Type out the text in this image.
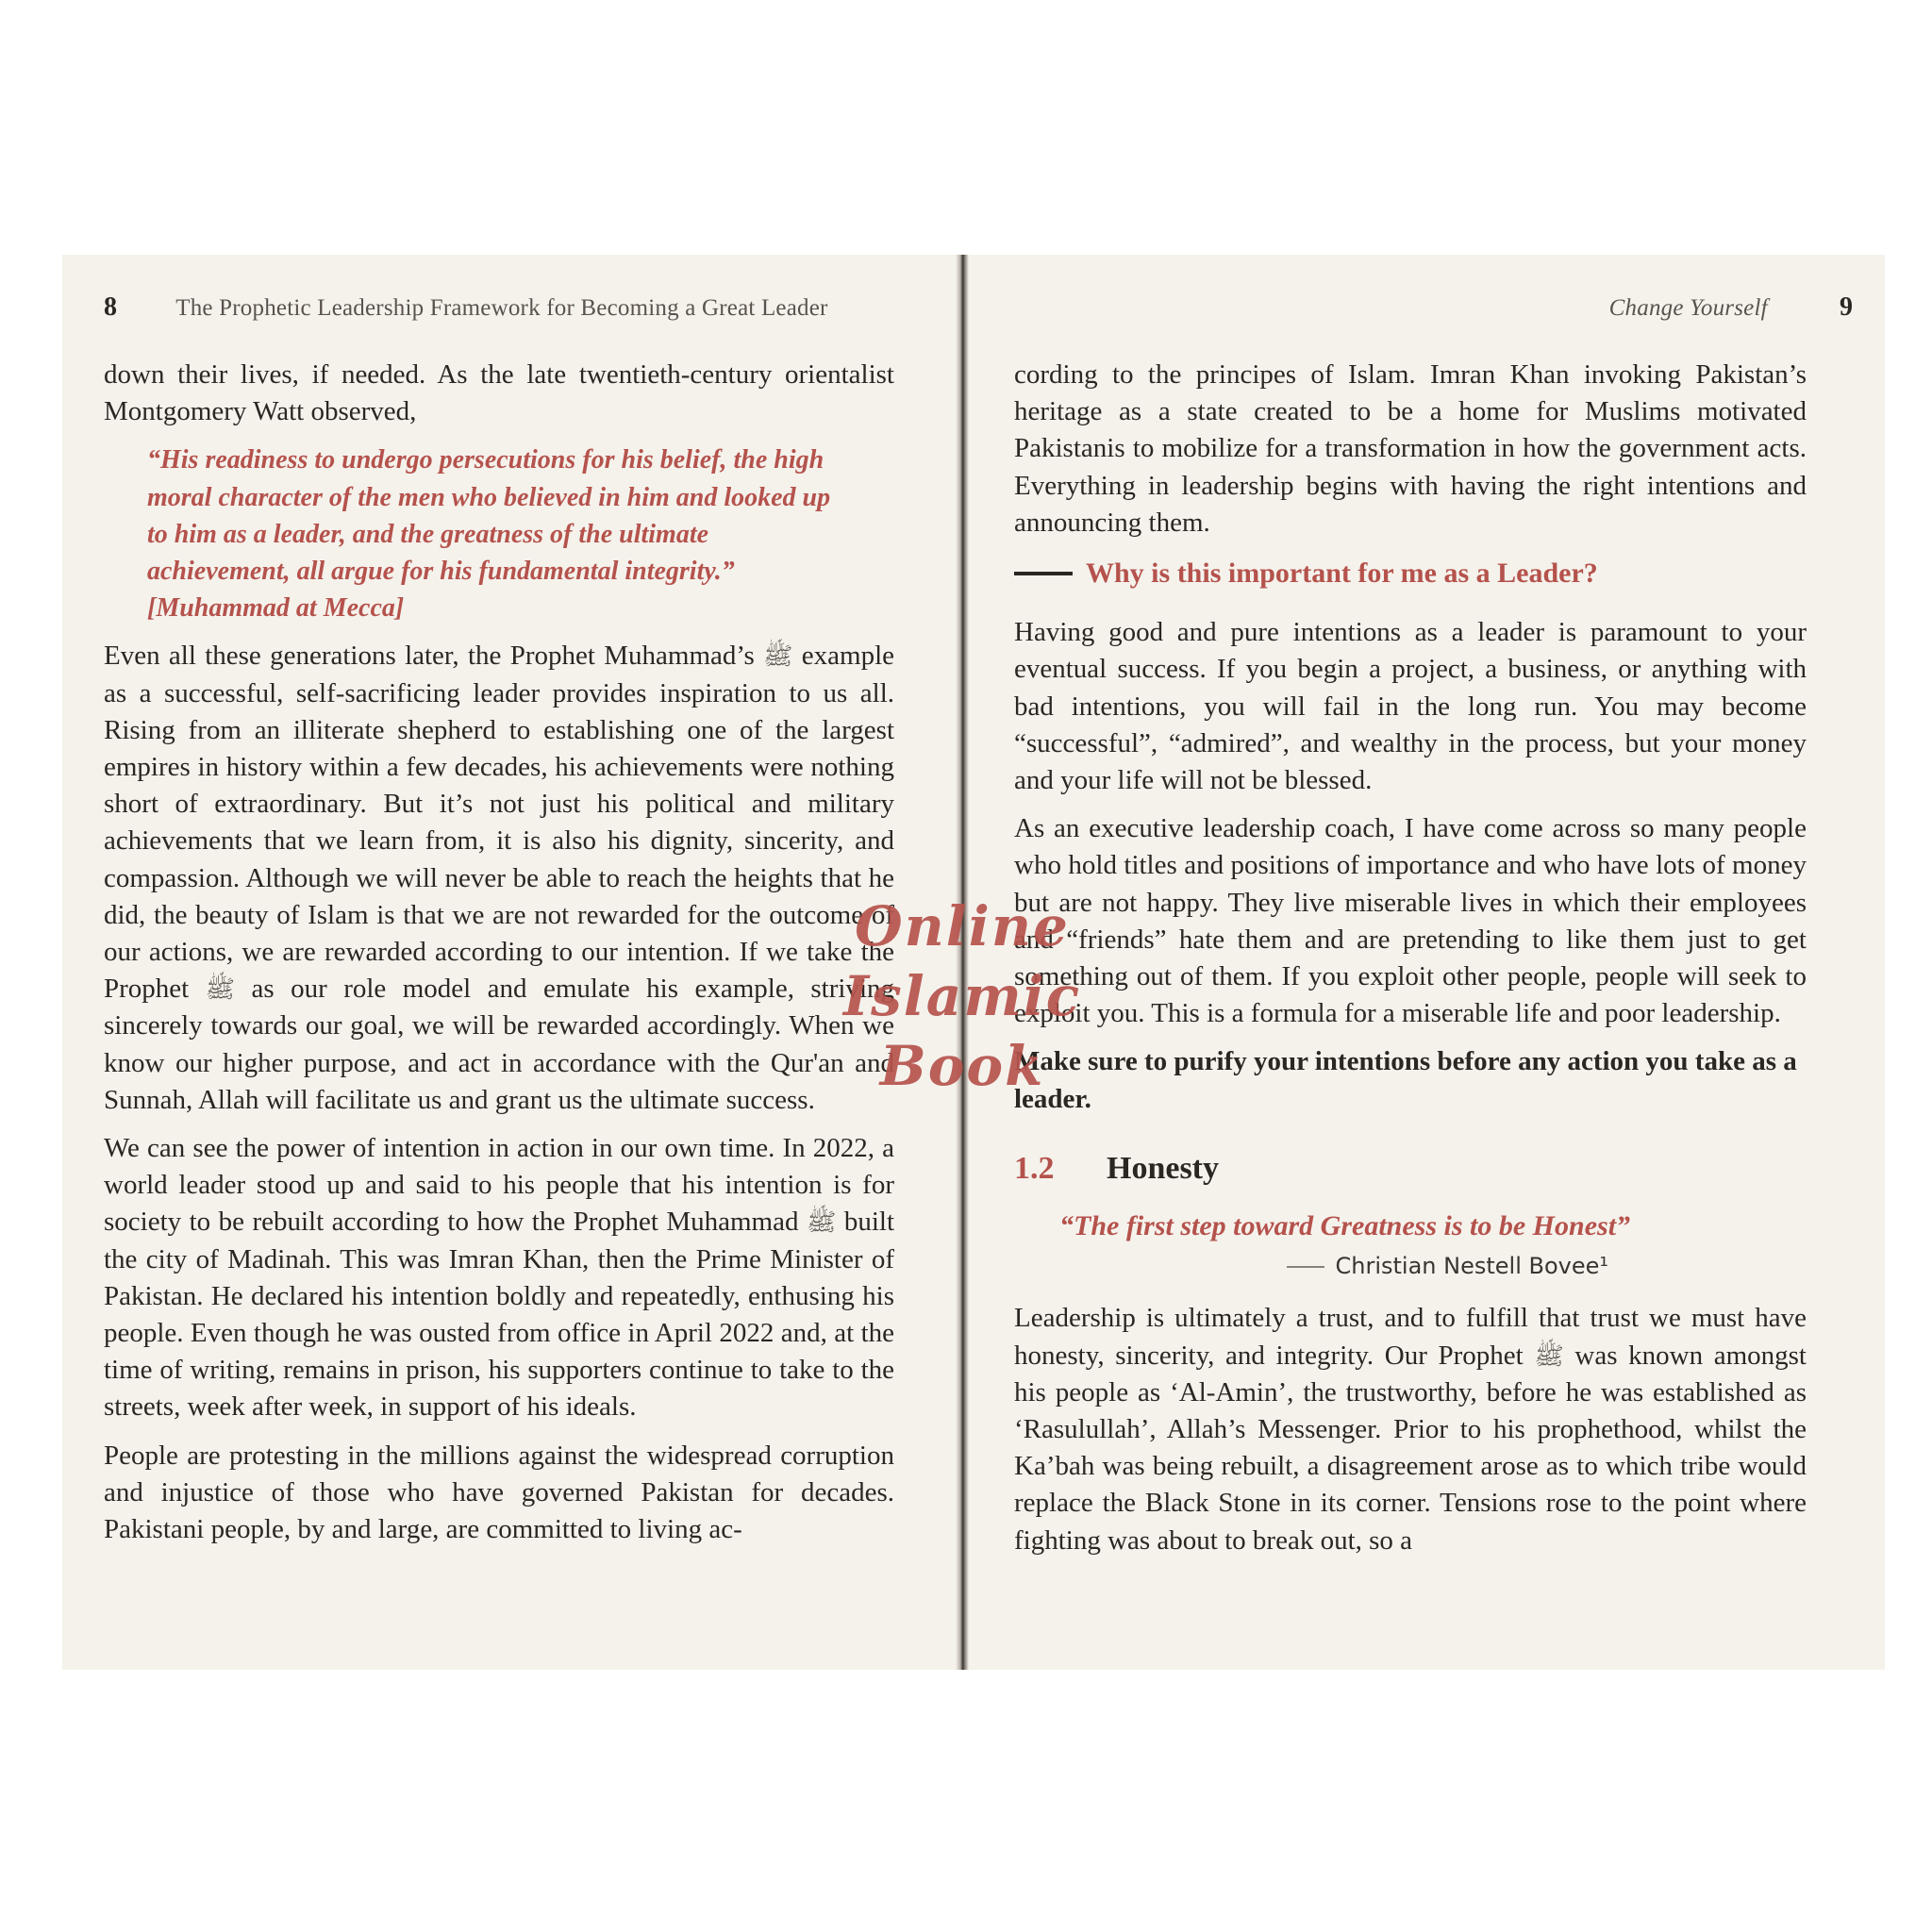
8 The Prophetic Leadership Framework for Becoming a Great Leader

down their lives, if needed. As the late twentieth-century orientalist Montgomery Watt observed,

“His readiness to undergo persecutions for his belief, the high moral character of the men who believed in him and looked up to him as a leader, and the greatness of the ultimate achievement, all argue for his fundamental integrity.” [Muhammad at Mecca]

Even all these generations later, the Prophet Muhammad’s ﷺ example as a successful, self-sacrificing leader provides inspiration to us all. Rising from an illiterate shepherd to establishing one of the largest empires in history within a few decades, his achievements were nothing short of extraordinary. But it’s not just his political and military achievements that we learn from, it is also his dignity, sincerity, and compassion. Although we will never be able to reach the heights that he did, the beauty of Islam is that we are not rewarded for the outcome of our actions, we are rewarded according to our intention. If we take the Prophet ﷺ as our role model and emulate his example, striving sincerely towards our goal, we will be rewarded accordingly. When we know our higher purpose, and act in accordance with the Qur'an and Sunnah, Allah will facilitate us and grant us the ultimate success.

We can see the power of intention in action in our own time. In 2022, a world leader stood up and said to his people that his intention is for society to be rebuilt according to how the Prophet Muhammad ﷺ built the city of Madinah. This was Imran Khan, then the Prime Minister of Pakistan. He declared his intention boldly and repeatedly, enthusing his people. Even though he was ousted from office in April 2022 and, at the time of writing, remains in prison, his supporters continue to take to the streets, week after week, in support of his ideals.

People are protesting in the millions against the widespread corruption and injustice of those who have governed Pakistan for decades. Pakistani people, by and large, are committed to living ac-

Change Yourself	9

cording to the principes of Islam. Imran Khan invoking Pakistan’s heritage as a state created to be a home for Muslims motivated Pakistanis to mobilize for a transformation in how the government acts. Everything in leadership begins with having the right intentions and announcing them.

Why is this important for me as a Leader?

Having good and pure intentions as a leader is paramount to your eventual success. If you begin a project, a business, or anything with bad intentions, you will fail in the long run. You may become “successful”, “admired”, and wealthy in the process, but your money and your life will not be blessed.

As an executive leadership coach, I have come across so many people who hold titles and positions of importance and who have lots of money but are not happy. They live miserable lives in which their employees and “friends” hate them and are pretending to like them just to get something out of them. If you exploit other people, people will seek to exploit you. This is a formula for a miserable life and poor leadership.

Make sure to purify your intentions before any action you take as a leader.

1.2	Honesty
“The first step toward Greatness is to be Honest”
Christian Nestell Bovee¹

Leadership is ultimately a trust, and to fulfill that trust we must have honesty, sincerity, and integrity. Our Prophet ﷺ was known amongst his people as ‘Al-Amin’, the trustworthy, before he was established as ‘Rasulullah’, Allah’s Messenger. Prior to his prophethood, whilst the Ka’bah was being rebuilt, a disagreement arose as to which tribe would replace the Black Stone in its corner. Tensions rose to the point where fighting was about to break out, so a

Online Islamic
Book
